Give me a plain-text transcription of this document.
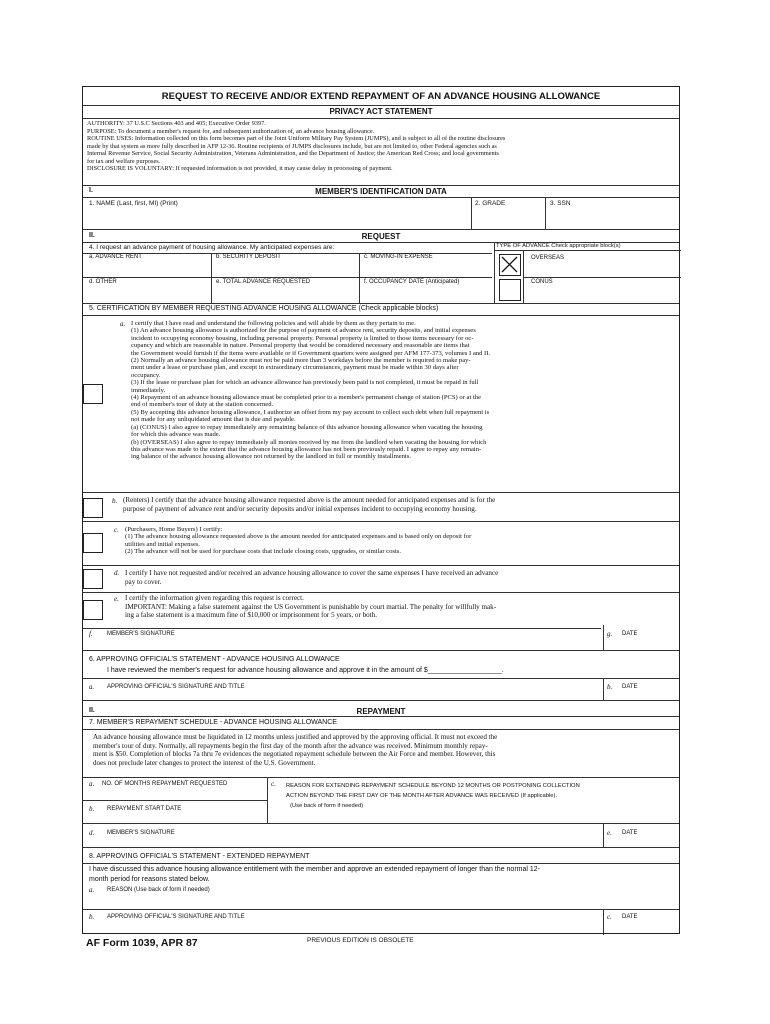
REQUEST TO RECEIVE AND/OR EXTEND REPAYMENT OF AN ADVANCE HOUSING ALLOWANCE
PRIVACY ACT STATEMENT
AUTHORITY: 37 U.S.C Sections 403 and 405; Executive Order 9397.
PURPOSE: To document a member's request for, and subsequent authorization of, an advance housing allowance.
ROUTINE USES: Information collected on this form becomes part of the Joint Uniform Military Pay System (JUMPS), and is subject to all of the routine disclosures
made by that system as more fully described in AFP 12-36. Routine recipients of JUMPS disclosures include, but are not limited to, other Federal agencies such as
Internal Revenue Service, Social Security Administration, Veterans Administration, and the Department of Justice; the American Red Cross; and local governments
for tax and welfare purposes.
DISCLOSURE IS VOLUNTARY: If requested information is not provided, it may cause delay in processing of payment.
I.	MEMBER'S IDENTIFICATION DATA
1. NAME (Last, first, MI) (Print)	2. GRADE	3. SSN
II.	REQUEST
4. I request an advance payment of housing allowance. My anticipated expenses are:	TYPE OF ADVANCE Check appropriate block(s)
a. ADVANCE RENT	b. SECURITY DEPOSIT	c. MOVING-IN EXPENSE
d. OTHER	e. TOTAL ADVANCE REQUESTED	f. OCCUPANCY DATE (Anticipated)
OVERSEAS
CONUS
5. CERTIFICATION BY MEMBER REQUESTING ADVANCE HOUSING ALLOWANCE (Check applicable blocks)
a. I certify that I have read and understand the following policies and will abide by them as they pertain to me.
(1) An advance housing allowance is authorized for the purpose of payment of advance rent, security deposits, and initial expenses
incident to occupying economy housing, including personal property. Personal property is limited to those items necessary for oc-
cupancy and which are reasonable in nature. Personal property that would be considered necessary and reasonable are items that
the Government would furnish if the items were available or if Government quarters were assigned per AFM 177-373, volumes I and II.
(2) Normally an advance housing allowance must not be paid more than 3 workdays before the member is required to make pay-
ment under a lease or purchase plan, and except in extraordinary circumstances, payment must be made within 30 days after
occupancy.
(3) If the lease or purchase plan for which an advance allowance has previously been paid is not completed, it must be repaid in full
immediately.
(4) Repayment of an advance housing allowance must be completed prior to a member's permanent change of station (PCS) or at the
end of member's tour of duty at the station concerned.
(5) By accepting this advance housing allowance, I authorize an offset from my pay account to collect such debt when full repayment is
not made for any unliquidated amount that is due and payable.
(a) (CONUS) I also agree to repay immediately any remaining balance of this advance housing allowance when vacating the housing
for which this advance was made.
(b) (OVERSEAS) I also agree to repay immediately all monies received by me from the landlord when vacating the housing for which
this advance was made to the extent that the advance housing allowance has not been previously repaid. I agree to repay any remain-
ing balance of the advance housing allowance not returned by the landlord in full or monthly installments.
b. (Renters) I certify that the advance housing allowance requested above is the amount needed for anticipated expenses and is for the
purpose of payment of advance rent and/or security deposits and/or initial expenses incident to occupying economy housing.
c. (Purchasers, Home Buyers) I certify:
(1) The advance housing allowance requested above is the amount needed for anticipated expenses and is based only on deposit for
utilities and initial expenses.
(2) The advance will not be used for purchase costs that include closing costs, upgrades, or similar costs.
d. I certify I have not requested and/or received an advance housing allowance to cover the same expenses I have received an advance
pay to cover.
e. I certify the information given regarding this request is correct.
IMPORTANT: Making a false statement against the US Government is punishable by court martial. The penalty for willfully mak-
ing a false statement is a maximum fine of $10,000 or imprisonment for 5 years, or both.
f. MEMBER'S SIGNATURE	g. DATE
6. APPROVING OFFICIAL'S STATEMENT - ADVANCE HOUSING ALLOWANCE
I have reviewed the member's request for advance housing allowance and approve it in the amount of $___________________.
a. APPROVING OFFICIAL'S SIGNATURE AND TITLE	b. DATE
II.	REPAYMENT
7. MEMBER'S REPAYMENT SCHEDULE - ADVANCE HOUSING ALLOWANCE
An advance housing allowance must be liquidated in 12 months unless justified and approved by the approving official. It must not exceed the
member's tour of duty. Normally, all repayments begin the first day of the month after the advance was received. Minimum monthly repay-
ment is $50. Completion of blocks 7a thru 7e evidences the negotiated repayment schedule between the Air Force and member. However, this
does not preclude later changes to protect the interest of the U.S. Government.
a. NO. OF MONTHS REPAYMENT REQUESTED	c. REASON FOR EXTENDING REPAYMENT SCHEDULE BEYOND 12 MONTHS OR POSTPONING COLLECTION
ACTION BEYOND THE FIRST DAY OF THE MONTH AFTER ADVANCE WAS RECEIVED (If applicable).
(Use back of form if needed)
b. REPAYMENT START DATE
d. MEMBER'S SIGNATURE	e. DATE
8. APPROVING OFFICIAL'S STATEMENT - EXTENDED REPAYMENT
I have discussed this advance housing allowance entitlement with the member and approve an extended repayment of longer than the normal 12-
month period for reasons stated below.
a. REASON (Use back of form if needed)
b. APPROVING OFFICIAL'S SIGNATURE AND TITLE	c. DATE
AF Form 1039, APR 87	PREVIOUS EDITION IS OBSOLETE
